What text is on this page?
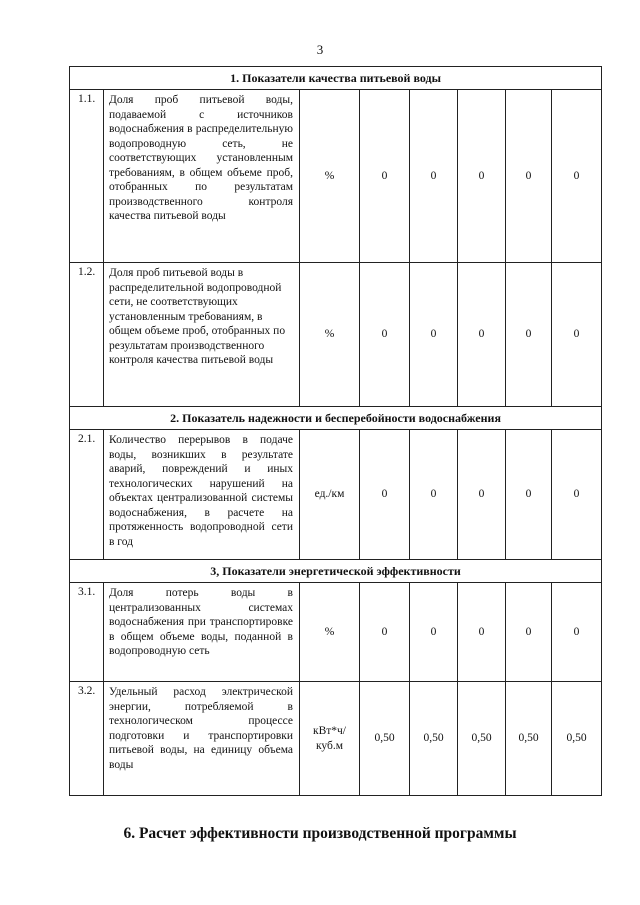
3
1. Показатели качества питьевой воды							
1.1.	Доля проб питьевой воды, подаваемой с источников водоснабжения в распределительную водопроводную сеть, не соответствующих установленным требованиям, в общем объеме проб, отобранных по результатам производственного контроля качества питьевой воды	%	0	0	0	0	0
1.2.	Доля проб питьевой воды в распределительной водопроводной сети, не соответствующих установленным требованиям, в общем объеме проб, отобранных по результатам производственного контроля качества питьевой воды	%	0	0	0	0	0
2. Показатель надежности и бесперебойности водоснабжения							
2.1.	Количество перерывов в подаче воды, возникших в результате аварий, повреждений и иных технологических нарушений на объектах централизованной системы водоснабжения, в расчете на протяженность водопроводной сети в год	ед./км	0	0	0	0	0
3, Показатели энергетической эффективности							
3.1.	Доля потерь воды в централизованных системах водоснабжения при транспортировке в общем объеме воды, поданной в водопроводную сеть	%	0	0	0	0	0
3.2.	Удельный расход электрической энергии, потребляемой в технологическом процессе подготовки и транспортировки питьевой воды, на единицу объема воды	кВт*ч/ куб.м	0,50	0,50	0,50	0,50	0,50
6. Расчет эффективности производственной программы
